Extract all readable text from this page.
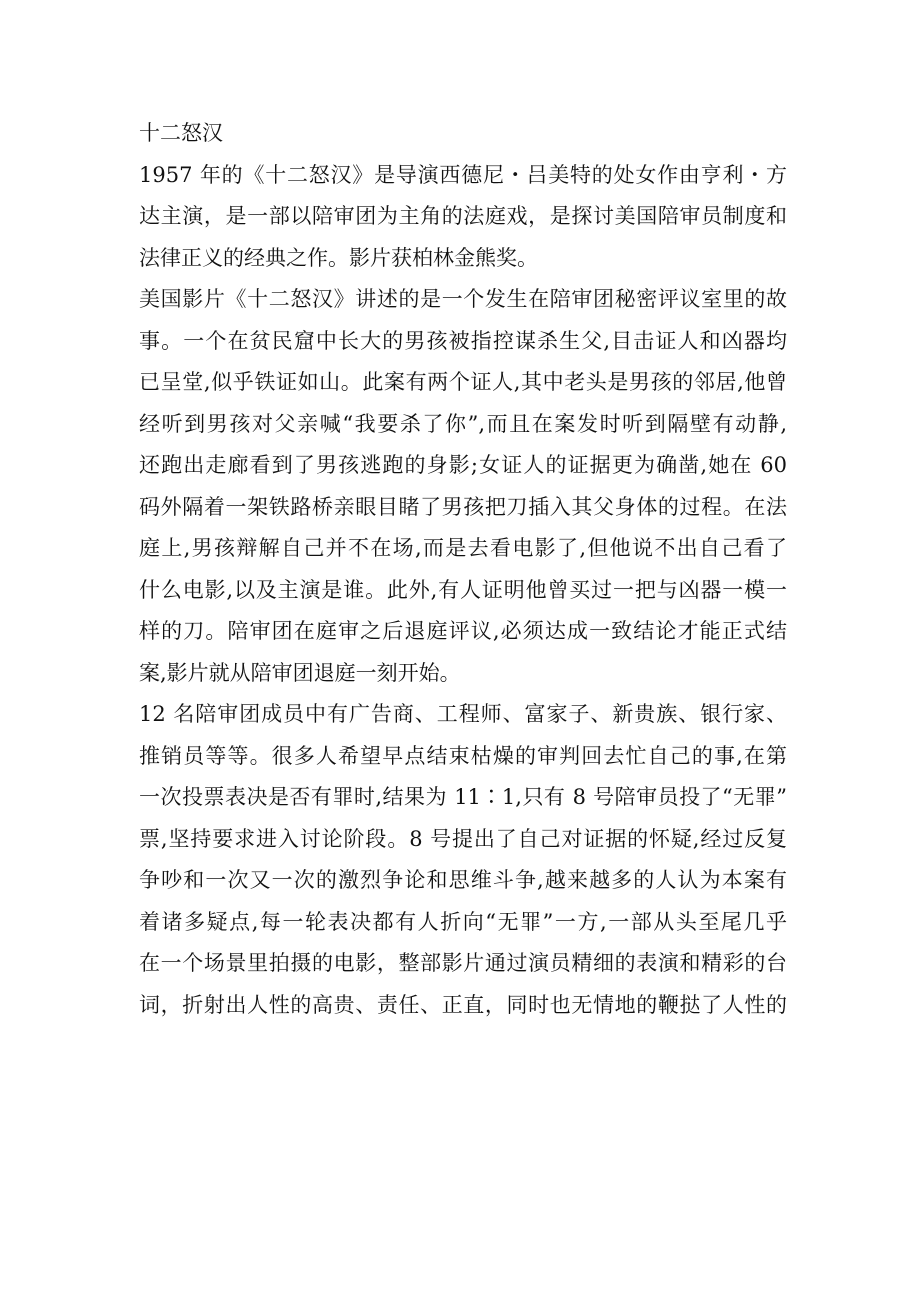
十二怒汉
1957 年的《十二怒汉》是导演西德尼・吕美特的处女作由亨利・方
达主演，是一部以陪审团为主角的法庭戏，是探讨美国陪审员制度和
法律正义的经典之作。影片获柏林金熊奖。
美国影片《十二怒汉》讲述的是一个发生在陪审团秘密评议室里的故
事。一个在贫民窟中长大的男孩被指控谋杀生父,目击证人和凶器均
已呈堂,似乎铁证如山。此案有两个证人,其中老头是男孩的邻居,他曾
经听到男孩对父亲喊“我要杀了你”,而且在案发时听到隔壁有动静,
还跑出走廊看到了男孩逃跑的身影;女证人的证据更为确凿,她在 60
码外隔着一架铁路桥亲眼目睹了男孩把刀插入其父身体的过程。在法
庭上,男孩辩解自己并不在场,而是去看电影了,但他说不出自己看了
什么电影,以及主演是谁。此外,有人证明他曾买过一把与凶器一模一
样的刀。陪审团在庭审之后退庭评议,必须达成一致结论才能正式结
案,影片就从陪审团退庭一刻开始。
12 名陪审团成员中有广告商、工程师、富家子、新贵族、银行家、
推销员等等。很多人希望早点结束枯燥的审判回去忙自己的事,在第
一次投票表决是否有罪时,结果为 11∶1,只有 8 号陪审员投了“无罪”
票,坚持要求进入讨论阶段。8 号提出了自己对证据的怀疑,经过反复
争吵和一次又一次的激烈争论和思维斗争,越来越多的人认为本案有
着诸多疑点,每一轮表决都有人折向“无罪”一方,一部从头至尾几乎
在一个场景里拍摄的电影，整部影片通过演员精细的表演和精彩的台
词，折射出人性的高贵、责任、正直，同时也无情地的鞭挞了人性的
